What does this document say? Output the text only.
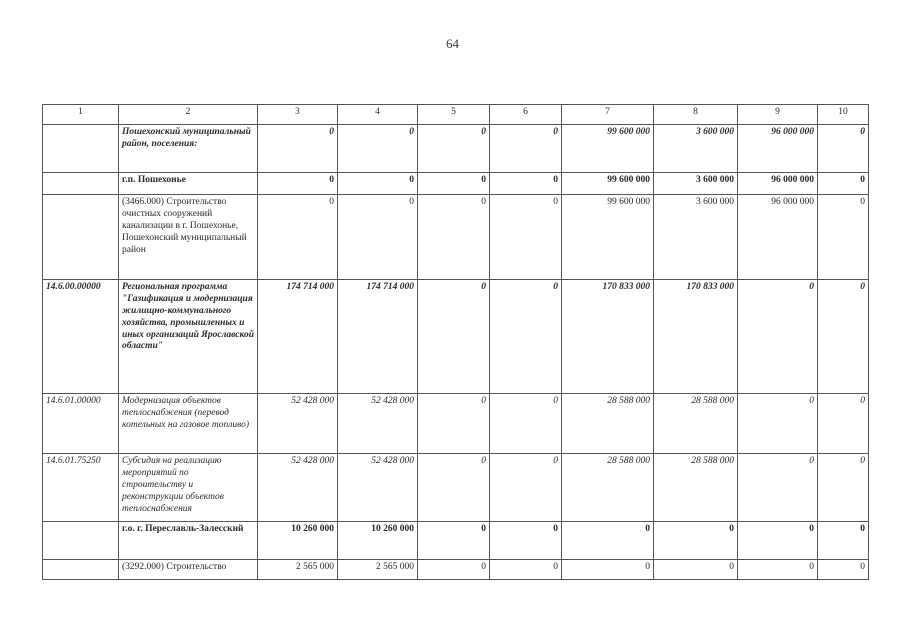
64
1	2	3	4	5	6	7	8	9	10
	Пошехонский муниципальный район, поселения:	0	0	0	0	99 600 000	3 600 000	96 000 000	0
	г.п. Пошехонье	0	0	0	0	99 600 000	3 600 000	96 000 000	0
	(3466.000) Строительство очистных сооружений канализации в г. Пошехонье, Пошехонский муниципальный район	0	0	0	0	99 600 000	3 600 000	96 000 000	0
14.6.00.00000	Региональная программа "Газификация и модернизация жилищно-коммунального хозяйства, промышленных и иных организаций Ярославской области"	174 714 000	174 714 000	0	0	170 833 000	170 833 000	0	0
14.6.01.00000	Модернизация объектов теплоснабжения (перевод котельных на газовое топливо)	52 428 000	52 428 000	0	0	28 588 000	28 588 000	0	0
14.6.01.75250	Субсидия на реализацию мероприятий по строительству и реконструкции объектов теплоснабжения	52 428 000	52 428 000	0	0	28 588 000	28 588 000	0	0
	г.о. г. Переславль-Залесский	10 260 000	10 260 000	0	0	0	0	0	0
	(3292.000) Строительство	2 565 000	2 565 000	0	0	0	0	0	0
